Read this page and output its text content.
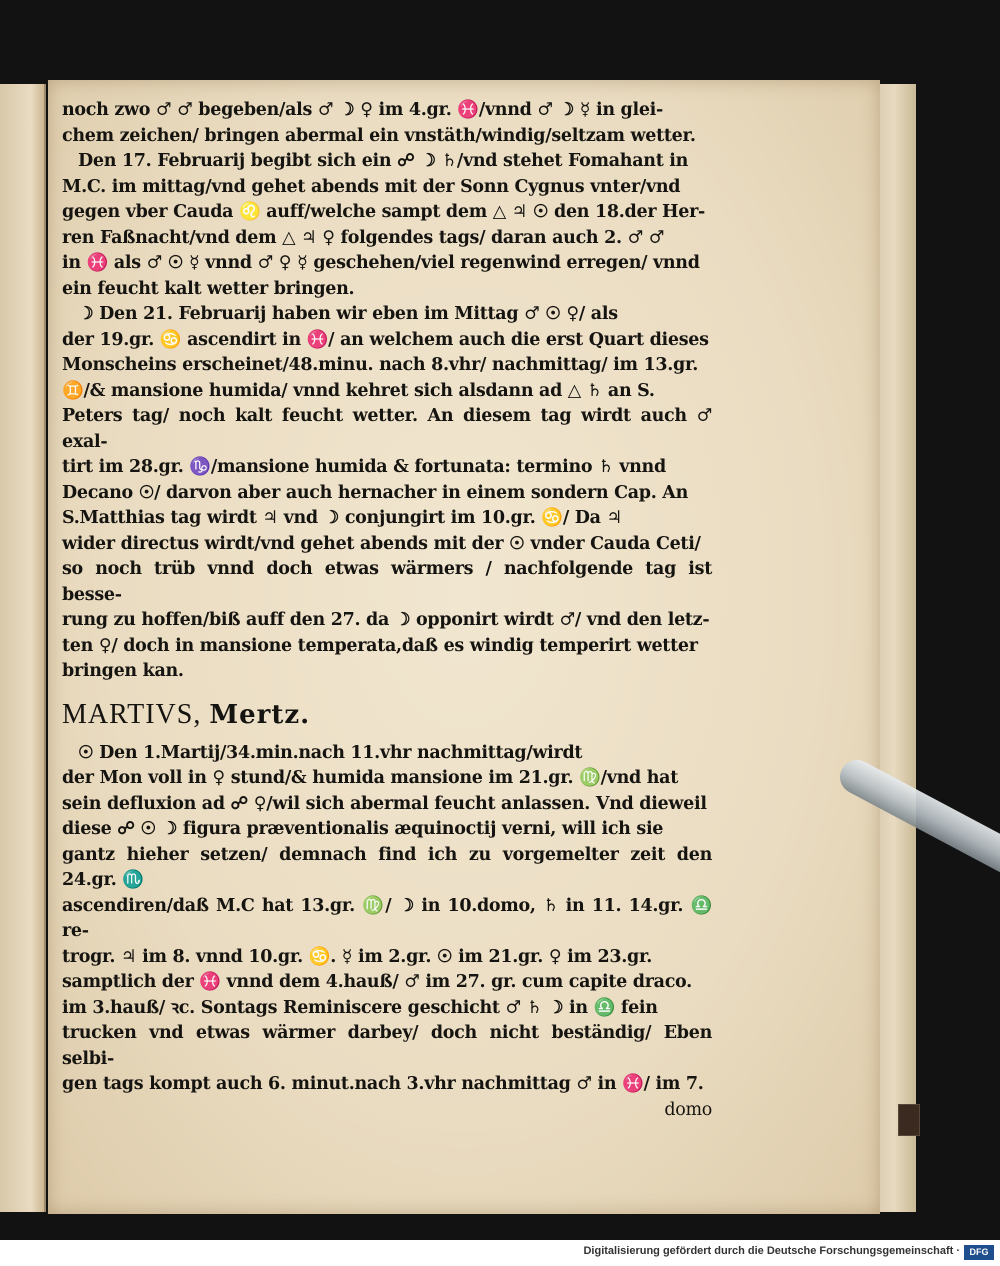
noch zwo ♂ ♂ begeben/als ♂ ☽ ♀ im 4.gr. ♓/vnnd ♂ ☽ ☿ in glei-

chem zeichen/ bringen abermal ein vnstäth/windig/seltzam wetter.

Den 17. Februarij begibt sich ein ☍ ☽ ♄/vnd stehet Fomahant in

M.C. im mittag/vnd gehet abends mit der Sonn Cygnus vnter/vnd

gegen vber Cauda ♌ auff/welche sampt dem △ ♃ ☉ den 18.der Her-

ren Faßnacht/vnd dem △ ♃ ♀ folgendes tags/ daran auch 2. ♂ ♂

in ♓ als ♂ ☉ ☿ vnnd ♂ ♀ ☿ geschehen/viel regenwind erregen/ vnnd

ein feucht kalt wetter bringen.

☽ Den 21. Februarij haben wir eben im Mittag ♂ ☉ ♀/ als

der 19.gr. ♋ ascendirt in ♓/ an welchem auch die erst Quart dieses

Monscheins erscheinet/48.minu. nach 8.vhr/ nachmittag/ im 13.gr.

♊/& mansione humida/ vnnd kehret sich alsdann ad △ ♄ an S.

Peters tag/ noch kalt feucht wetter. An diesem tag wirdt auch ♂ exal-

tirt im 28.gr. ♑/mansione humida & fortunata: termino ♄ vnnd

Decano ☉/ darvon aber auch hernacher in einem sondern Cap. An

S.Matthias tag wirdt ♃ vnd ☽ conjungirt im 10.gr. ♋/ Da ♃

wider directus wirdt/vnd gehet abends mit der ☉ vnder Cauda Ceti/

so noch trüb vnnd doch etwas wärmers / nachfolgende tag ist besse-

rung zu hoffen/biß auff den 27. da ☽ opponirt wirdt ♂/ vnd den letz-

ten ♀/ doch in mansione temperata,daß es windig temperirt wetter

bringen kan.

MARTIVS, Mertz.

☉ Den 1.Martij/34.min.nach 11.vhr nachmittag/wirdt

der Mon voll in ♀ stund/& humida mansione im 21.gr. ♍/vnd hat

sein defluxion ad ☍ ♀/wil sich abermal feucht anlassen. Vnd dieweil

diese ☍ ☉ ☽ figura præventionalis æquinoctij verni, will ich sie

gantz hieher setzen/ demnach find ich zu vorgemelter zeit den 24.gr. ♏

ascendiren/daß M.C hat 13.gr. ♍/ ☽ in 10.domo, ♄ in 11. 14.gr. ♎ re-

trogr. ♃ im 8. vnnd 10.gr. ♋. ☿ im 2.gr. ☉ im 21.gr. ♀ im 23.gr.

samptlich der ♓ vnnd dem 4.hauß/ ♂ im 27. gr. cum capite draco.

im 3.hauß/ ꝛc. Sontags Reminiscere geschicht ♂ ♄ ☽ in ♎ fein

trucken vnd etwas wärmer darbey/ doch nicht beständig/ Eben selbi-

gen tags kompt auch 6. minut.nach 3.vhr nachmittag ♂ in ♓/ im 7.

domo

Digitalisierung gefördert durch die Deutsche Forschungsgemeinschaft ·	DFG
